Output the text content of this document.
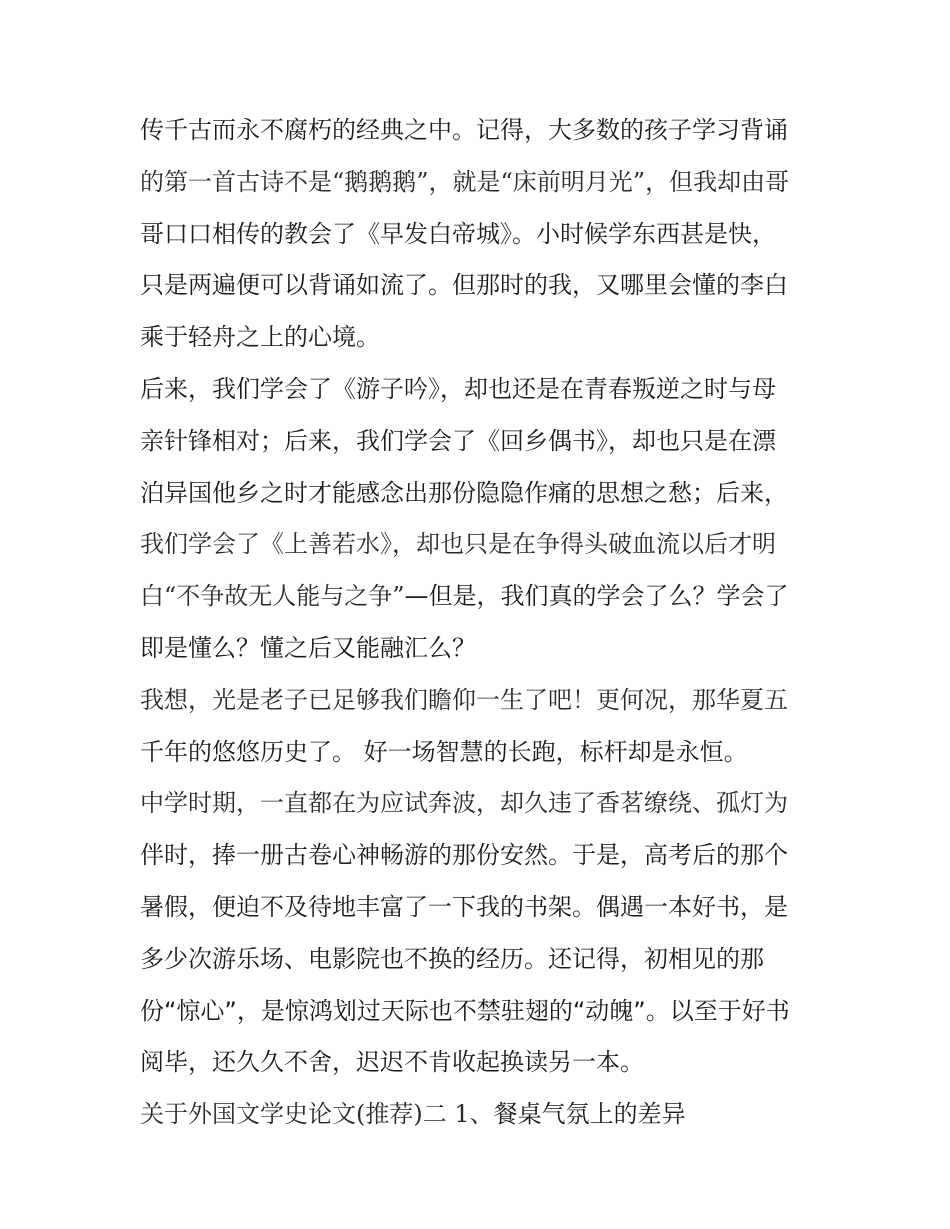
传千古而永不腐朽的经典之中。记得，大多数的孩子学习背诵
的第一首古诗不是“鹅鹅鹅”，就是“床前明月光”，但我却由哥
哥口口相传的教会了《早发白帝城》。小时候学东西甚是快，
只是两遍便可以背诵如流了。但那时的我，又哪里会懂的李白
乘于轻舟之上的心境。
后来，我们学会了《游子吟》，却也还是在青春叛逆之时与母
亲针锋相对；后来，我们学会了《回乡偶书》，却也只是在漂
泊异国他乡之时才能感念出那份隐隐作痛的思想之愁；后来，
我们学会了《上善若水》，却也只是在争得头破血流以后才明
白“不争故无人能与之争”—但是，我们真的学会了么？学会了
即是懂么？懂之后又能融汇么？
我想，光是老子已足够我们瞻仰一生了吧！更何况，那华夏五
千年的悠悠历史了。 好一场智慧的长跑，标杆却是永恒。
中学时期，一直都在为应试奔波，却久违了香茗缭绕、孤灯为
伴时，捧一册古卷心神畅游的那份安然。于是，高考后的那个
暑假，便迫不及待地丰富了一下我的书架。偶遇一本好书，是
多少次游乐场、电影院也不换的经历。还记得，初相见的那
份“惊心”，是惊鸿划过天际也不禁驻翅的“动魄”。以至于好书
阅毕，还久久不舍，迟迟不肯收起换读另一本。
关于外国文学史论文(推荐)二 1、餐桌气氛上的差异
